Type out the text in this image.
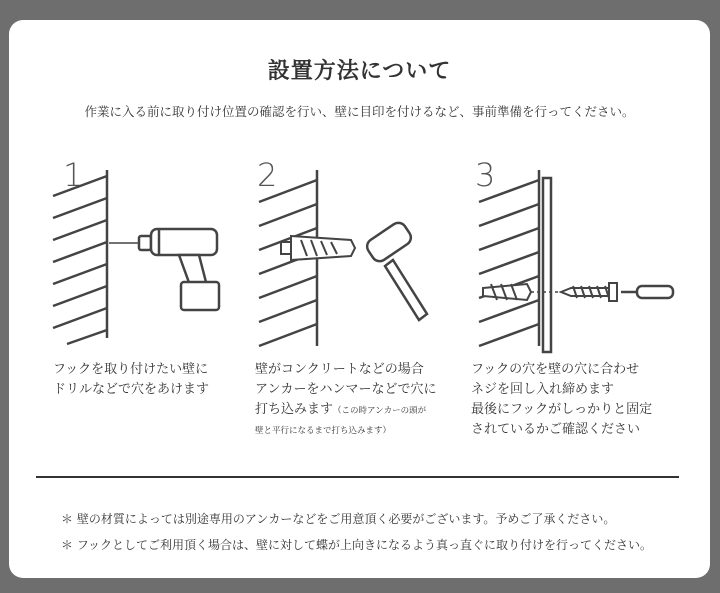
設置方法について
作業に入る前に取り付け位置の確認を行い、壁に目印を付けるなど、事前準備を行ってください。
1	2	3
フックを取り付けたい壁に
ドリルなどで穴をあけます
壁がコンクリートなどの場合
アンカーをハンマーなどで穴に
打ち込みます（この時アンカーの頭が
壁と平行になるまで打ち込みます）
フックの穴を壁の穴に合わせ
ネジを回し入れ締めます
最後にフックがしっかりと固定
されているかご確認ください
＊ 壁の材質によっては別途専用のアンカーなどをご用意頂く必要がございます。予めご了承ください。
＊ フックとしてご利用頂く場合は、壁に対して蝶が上向きになるよう真っ直ぐに取り付けを行ってください。
